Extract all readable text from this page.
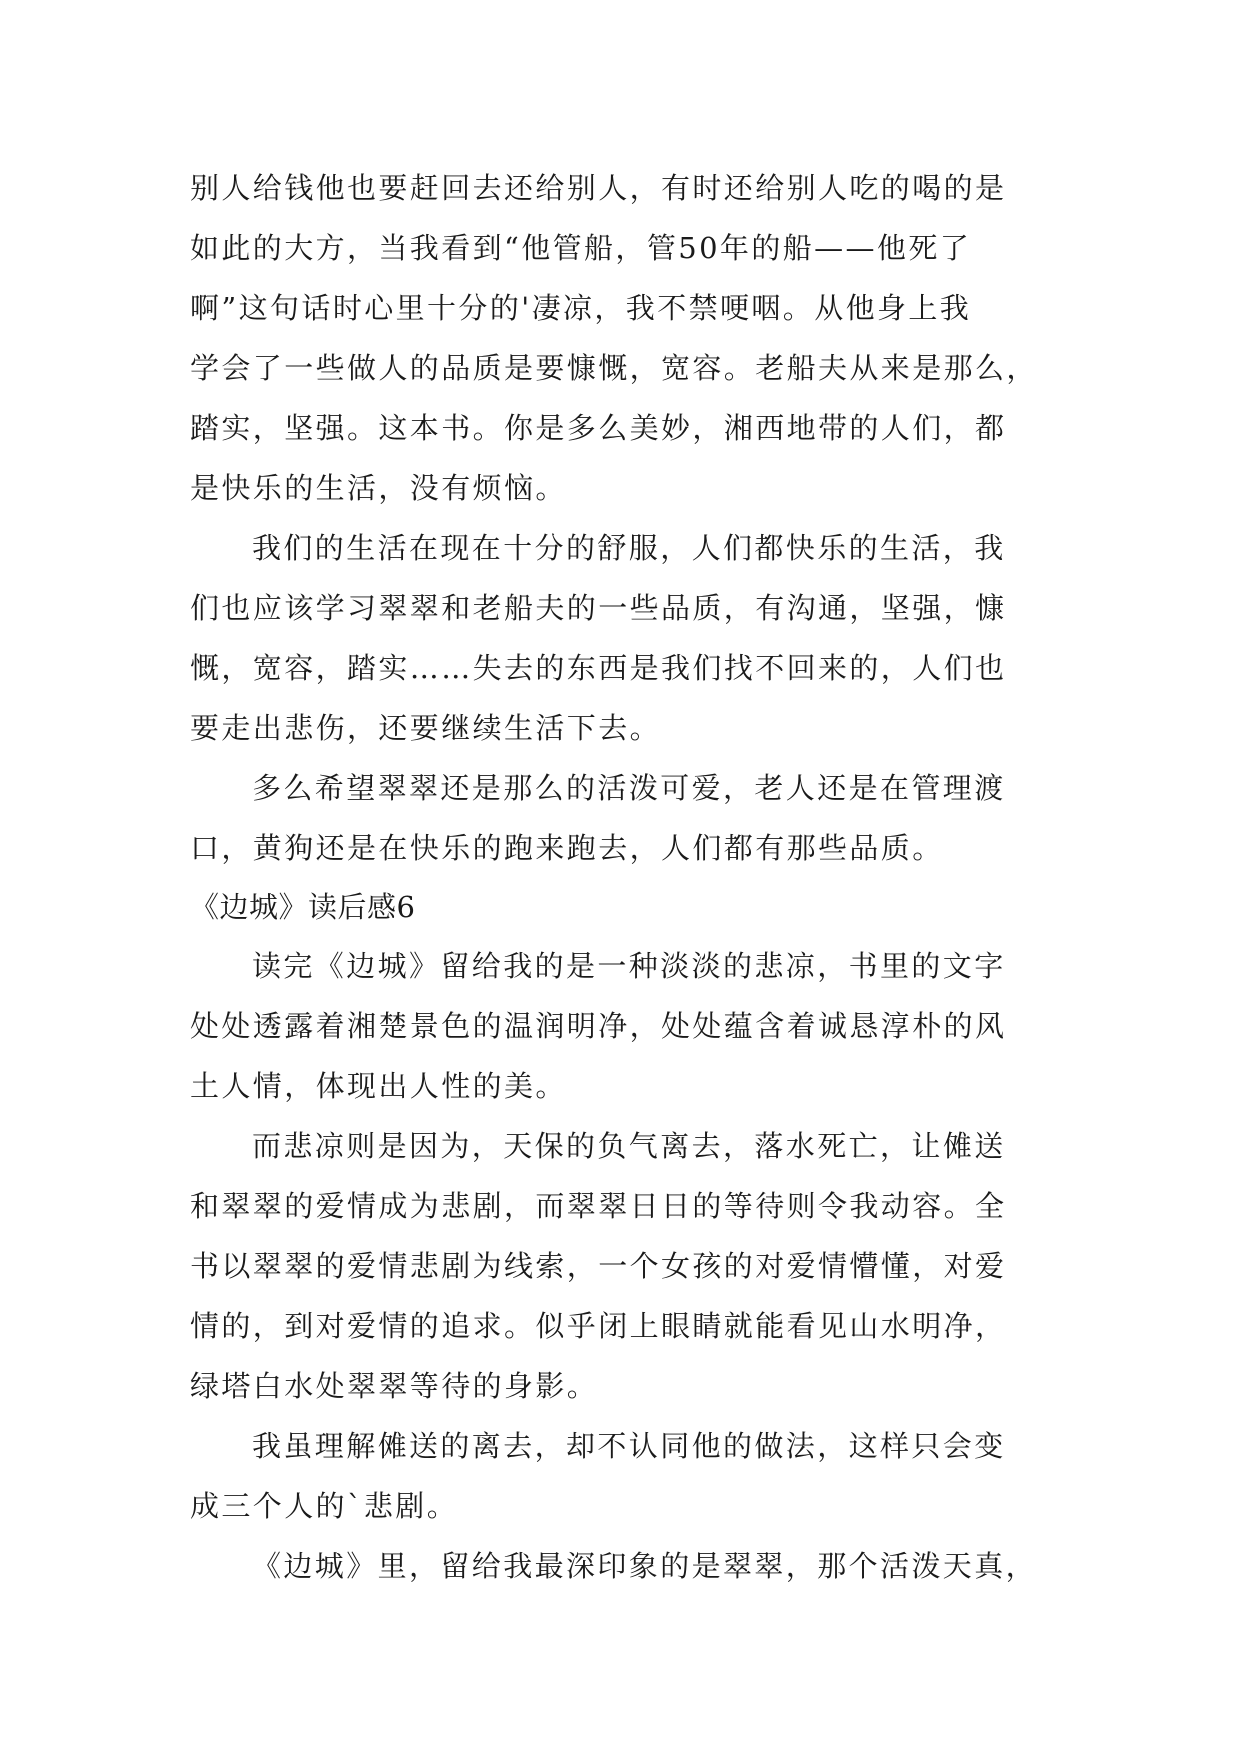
别人给钱他也要赶回去还给别人，有时还给别人吃的喝的是
如此的大方，当我看到“他管船，管50年的船——他死了
啊”这句话时心里十分的'凄凉，我不禁哽咽。从他身上我
学会了一些做人的品质是要慷慨，宽容。老船夫从来是那么，
踏实，坚强。这本书。你是多么美妙，湘西地带的人们，都
是快乐的生活，没有烦恼。
我们的生活在现在十分的舒服，人们都快乐的生活，我
们也应该学习翠翠和老船夫的一些品质，有沟通，坚强，慷
慨，宽容，踏实……失去的东西是我们找不回来的，人们也
要走出悲伤，还要继续生活下去。
多么希望翠翠还是那么的活泼可爱，老人还是在管理渡
口，黄狗还是在快乐的跑来跑去，人们都有那些品质。
《边城》读后感6
读完《边城》留给我的是一种淡淡的悲凉，书里的文字
处处透露着湘楚景色的温润明净，处处蕴含着诚恳淳朴的风
土人情，体现出人性的美。
而悲凉则是因为，天保的负气离去，落水死亡，让傩送
和翠翠的爱情成为悲剧，而翠翠日日的等待则令我动容。全
书以翠翠的爱情悲剧为线索，一个女孩的对爱情懵懂，对爱
情的，到对爱情的追求。似乎闭上眼睛就能看见山水明净，
绿塔白水处翠翠等待的身影。
我虽理解傩送的离去，却不认同他的做法，这样只会变
成三个人的`悲剧。
《边城》里，留给我最深印象的是翠翠，那个活泼天真，
